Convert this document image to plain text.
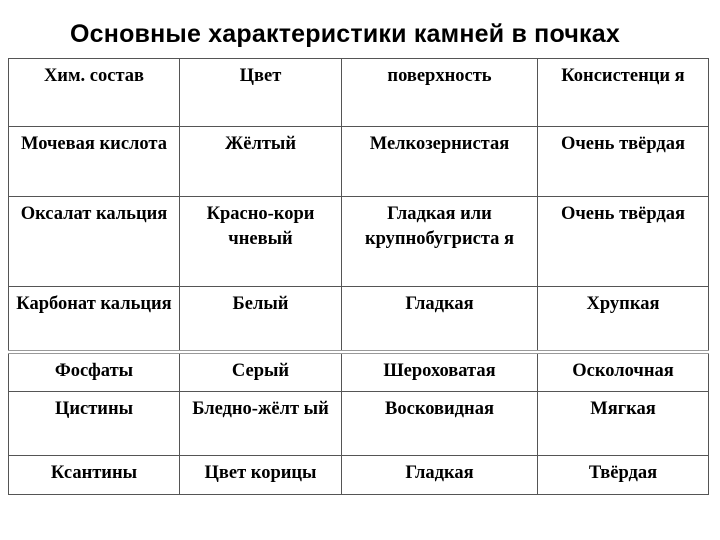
Основные характеристики камней в почках
Хим. состав	Цвет	поверхность	Консистенци я
Мочевая кислота	Жёлтый	Мелкозернистая	Очень твёрдая
Оксалат кальция	Красно-кори чневый	Гладкая или крупнобугриста я	Очень твёрдая
Карбонат кальция	Белый	Гладкая	Хрупкая
Фосфаты	Серый	Шероховатая	Осколочная
Цистины	Бледно-жёлт ый	Восковидная	Мягкая
Ксантины	Цвет корицы	Гладкая	Твёрдая
